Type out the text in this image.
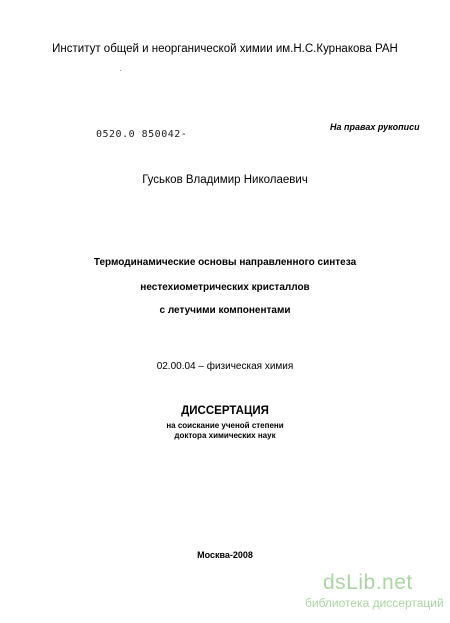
Институт общей и неорганической химии им.Н.С.Курнакова РАН
0520.0 850042-
На правах рукописи
Гуськов Владимир Николаевич
Термодинамические основы направленного синтеза
нестехиометрических кристаллов
с летучими компонентами
02.00.04 – физическая химия
ДИССЕРТАЦИЯ
на соискание ученой степени
доктора химических наук
Москва-2008
dsLib.net
библиотека диссертаций
